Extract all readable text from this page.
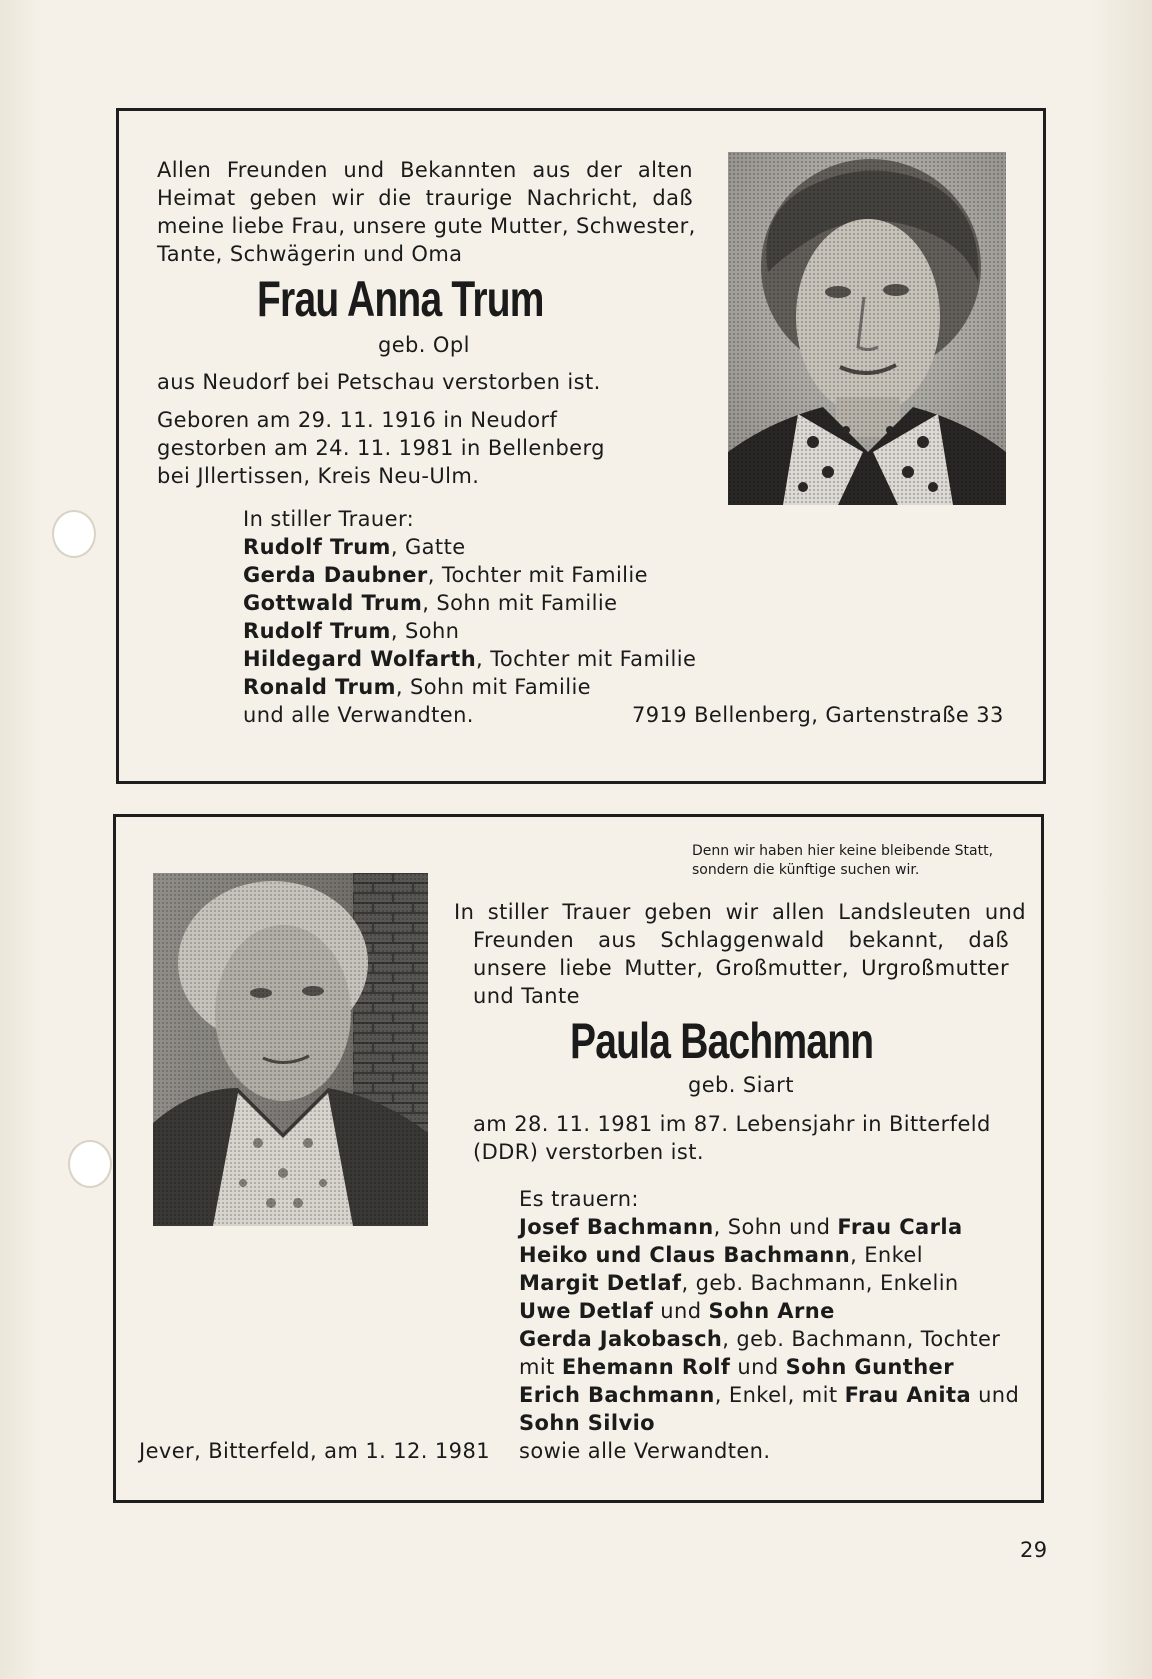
Allen Freunden und Bekannten aus der alten
Heimat geben wir die traurige Nachricht, daß
meine liebe Frau, unsere gute Mutter, Schwester,
Tante, Schwägerin und Oma
Frau Anna Trum
geb. Opl
aus Neudorf bei Petschau verstorben ist.
Geboren am 29. 11. 1916 in Neudorf
gestorben am 24. 11. 1981 in Bellenberg
bei Jllertissen, Kreis Neu-Ulm.
In stiller Trauer:
Rudolf Trum, Gatte
Gerda Daubner, Tochter mit Familie
Gottwald Trum, Sohn mit Familie
Rudolf Trum, Sohn
Hildegard Wolfarth, Tochter mit Familie
Ronald Trum, Sohn mit Familie
und alle Verwandten.	7919 Bellenberg, Gartenstraße 33
Denn wir haben hier keine bleibende Statt,
sondern die künftige suchen wir.
In stiller Trauer geben wir allen Landsleuten und
Freunden aus Schlaggenwald bekannt, daß
unsere liebe Mutter, Großmutter, Urgroßmutter
und Tante
Paula Bachmann
geb. Siart
am 28. 11. 1981 im 87. Lebensjahr in Bitterfeld
(DDR) verstorben ist.
Es trauern:
Josef Bachmann, Sohn und Frau Carla
Heiko und Claus Bachmann, Enkel
Margit Detlaf, geb. Bachmann, Enkelin
Uwe Detlaf und Sohn Arne
Gerda Jakobasch, geb. Bachmann, Tochter
mit Ehemann Rolf und Sohn Gunther
Erich Bachmann, Enkel, mit Frau Anita und
Sohn Silvio
sowie alle Verwandten.
Jever, Bitterfeld, am 1. 12. 1981
29
